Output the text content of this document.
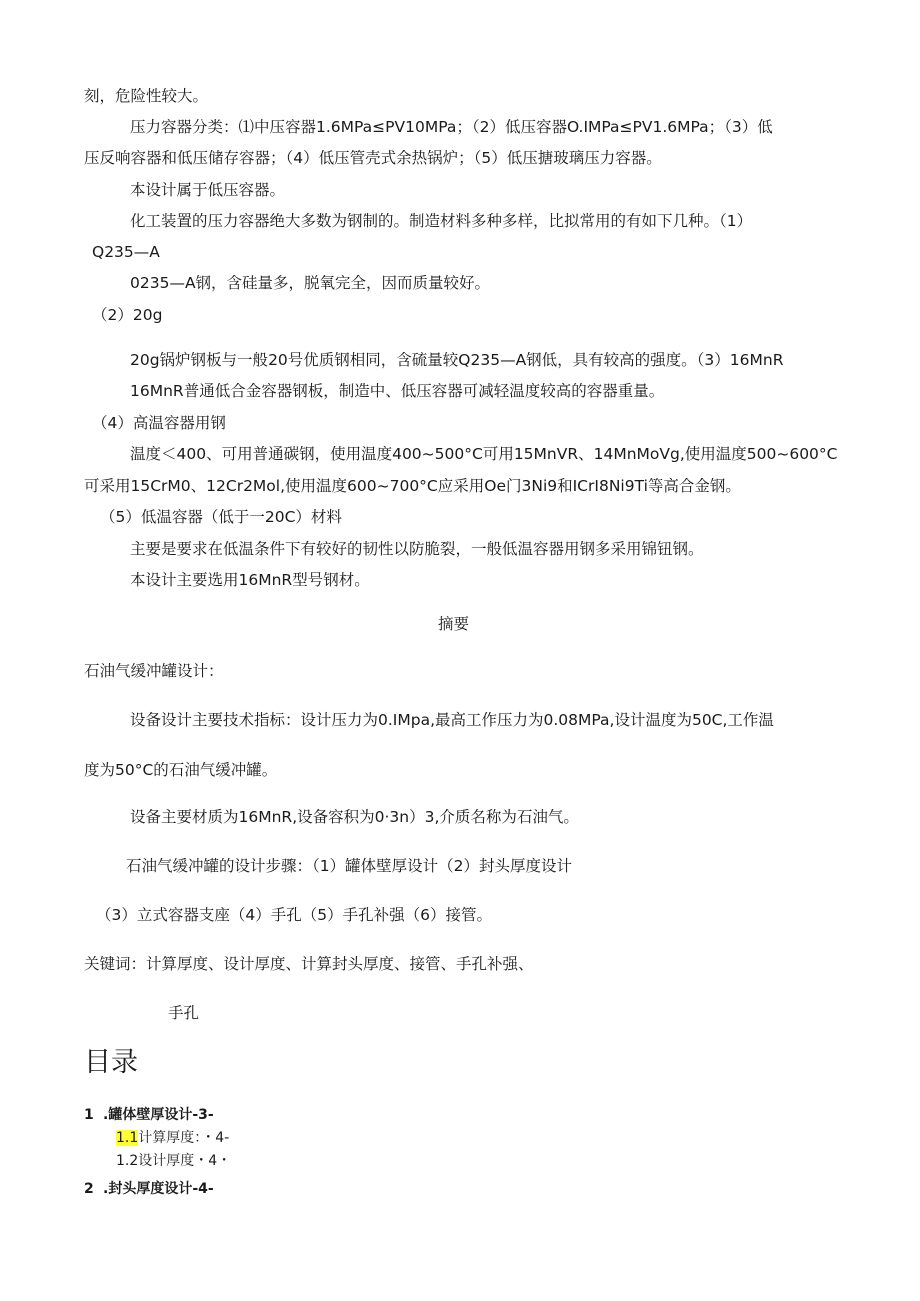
刻，危险性较大。
压力容器分类：⑴中压容器1.6MPa≤PV10MPa；（2）低压容器O.IMPa≤PV1.6MPa；（3）低
压反响容器和低压储存容器；（4）低压管壳式余热锅炉；（5）低压搪玻璃压力容器。
本设计属于低压容器。
化工装置的压力容器绝大多数为钢制的。制造材料多种多样，比拟常用的有如下几种。（1）
Q235—A
0235—A钢，含硅量多，脱氧完全，因而质量较好。
（2）20g
20g锅炉钢板与一般20号优质钢相同，含硫量较Q235—A钢低，具有较高的强度。（3）16MnR
16MnR普通低合金容器钢板，制造中、低压容器可减轻温度较高的容器重量。
（4）高温容器用钢
温度＜400、可用普通碳钢，使用温度400~500°C可用15MnVR、14MnMoVg,使用温度500~600°C
可采用15CrM0、12Cr2Mol,使用温度600~700°C应采用Oe门3Ni9和ICrI8Ni9Ti等高合金钢。
（5）低温容器（低于一20C）材料
主要是要求在低温条件下有较好的韧性以防脆裂，一般低温容器用钢多采用锦钮钢。
本设计主要选用16MnR型号钢材。
摘要
石油气缓冲罐设计：
设备设计主要技术指标：设计压力为0.IMpa,最高工作压力为0.08MPa,设计温度为50C,工作温
度为50°C的石油气缓冲罐。
设备主要材质为16MnR,设备容积为0·3n）3,介质名称为石油气。
石油气缓冲罐的设计步骤：（1）罐体壁厚设计（2）封头厚度设计
（3）立式容器支座（4）手孔（5）手孔补强（6）接管。
关键词：计算厚度、设计厚度、计算封头厚度、接管、手孔补强、
手孔
目录
1 .罐体壁厚设计-3-
1.1计算厚度：・4-
1.2设计厚度・4・
2 .封头厚度设计-4-
